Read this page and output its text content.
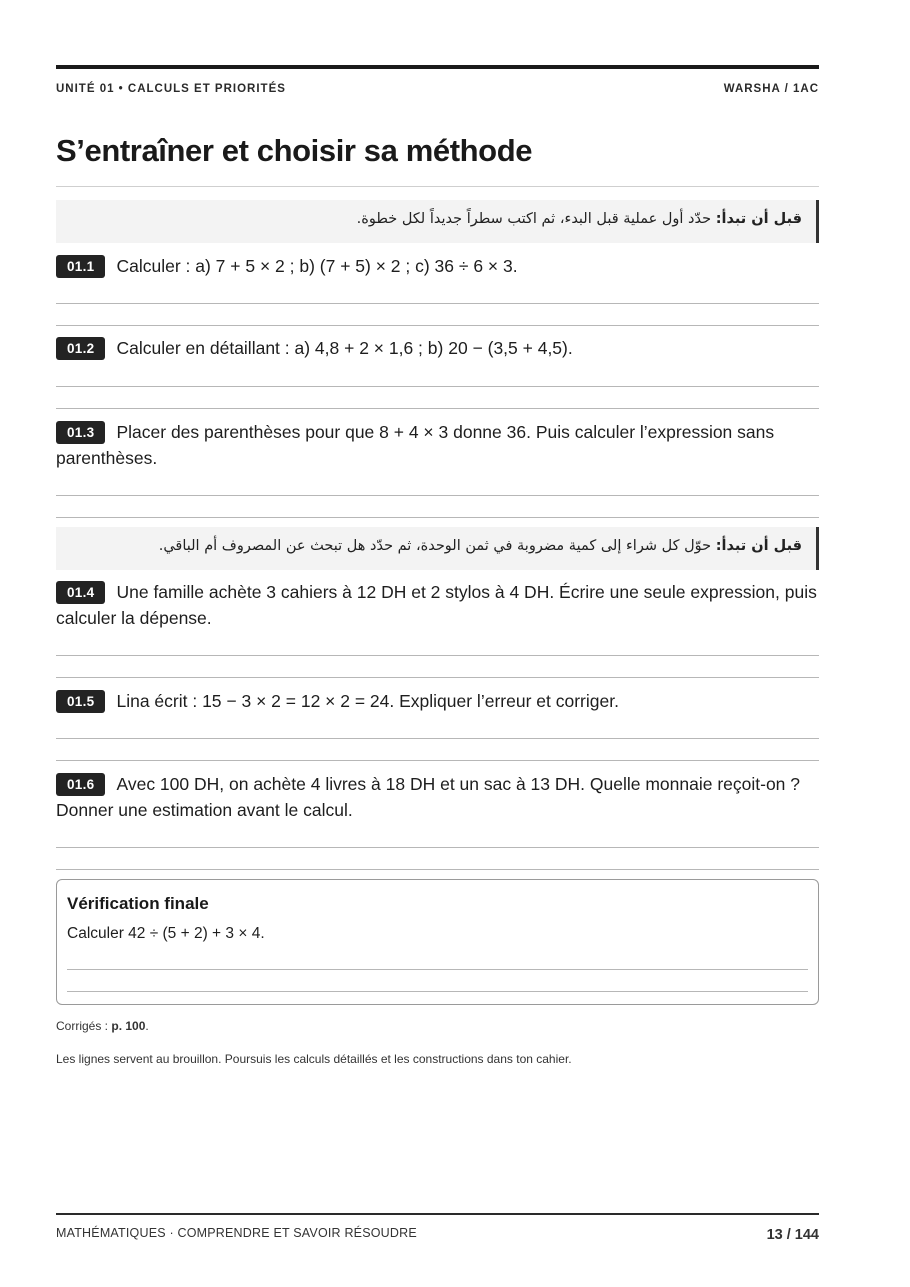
UNITÉ 01 • CALCULS ET PRIORITÉS	WARSHA / 1AC
S’entraîner et choisir sa méthode
قبل أن تبدأ: حدّد أول عملية قبل البدء، ثم اكتب سطراً جديداً لكل خطوة.
01.1 Calculer : a) 7 + 5 × 2 ; b) (7 + 5) × 2 ; c) 36 ÷ 6 × 3.
01.2 Calculer en détaillant : a) 4,8 + 2 × 1,6 ; b) 20 − (3,5 + 4,5).
01.3 Placer des parenthèses pour que 8 + 4 × 3 donne 36. Puis calculer l’expression sans parenthèses.
قبل أن تبدأ: حوّل كل شراء إلى كمية مضروبة في ثمن الوحدة، ثم حدّد هل تبحث عن المصروف أم الباقي.
01.4 Une famille achète 3 cahiers à 12 DH et 2 stylos à 4 DH. Écrire une seule expression, puis calculer la dépense.
01.5 Lina écrit : 15 − 3 × 2 = 12 × 2 = 24. Expliquer l’erreur et corriger.
01.6 Avec 100 DH, on achète 4 livres à 18 DH et un sac à 13 DH. Quelle monnaie reçoit-on ? Donner une estimation avant le calcul.
Vérification finale
Calculer 42 ÷ (5 + 2) + 3 × 4.
Corrigés : p. 100.
Les lignes servent au brouillon. Poursuis les calculs détaillés et les constructions dans ton cahier.
MATHÉMATIQUES · COMPRENDRE ET SAVOIR RÉSOUDRE	13 / 144
